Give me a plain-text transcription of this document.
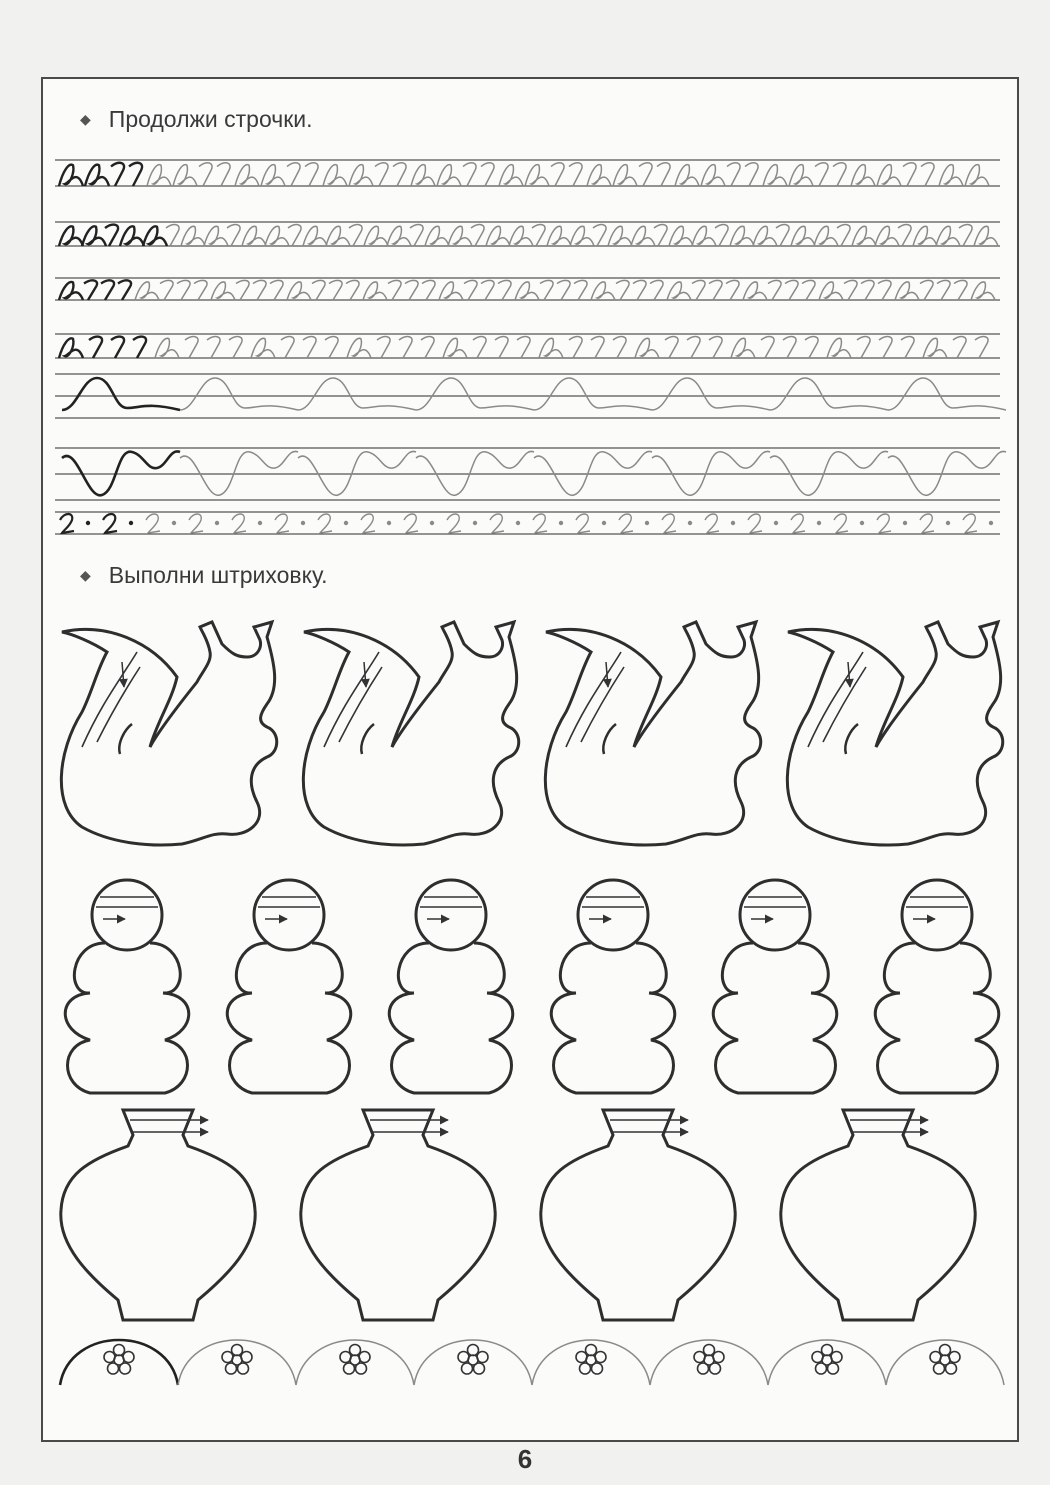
◆ Продолжи строчки.
◆ Выполни штриховку.
6
